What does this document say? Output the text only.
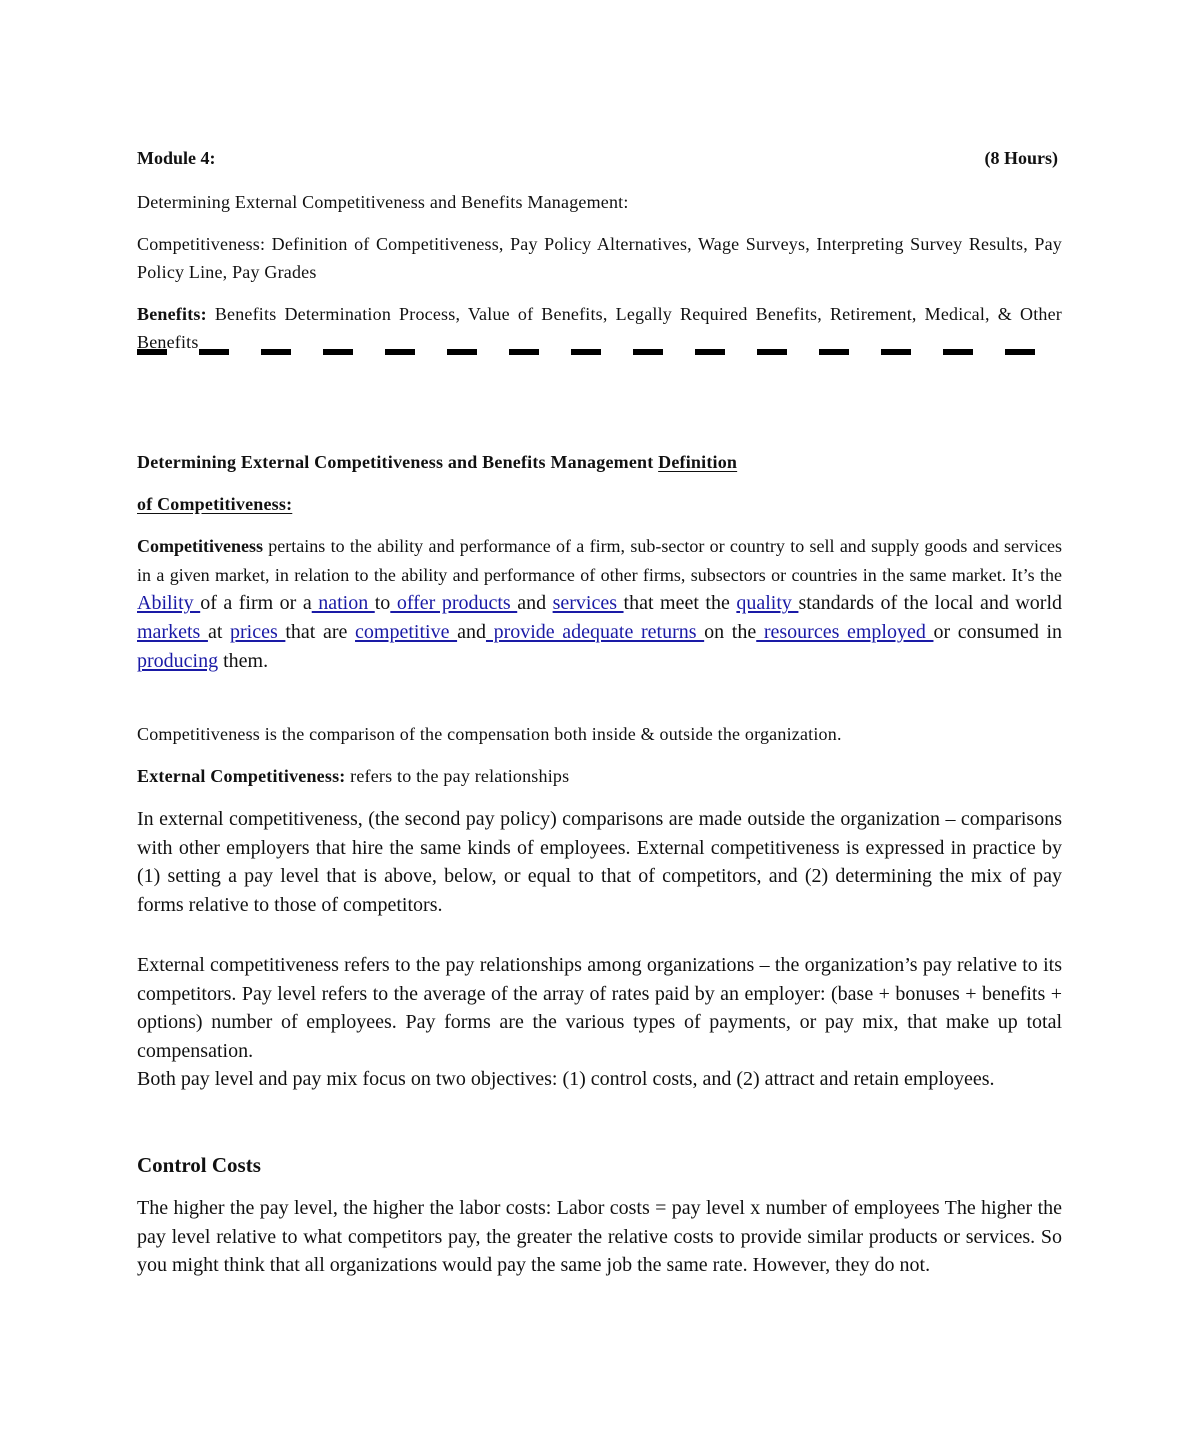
Module 4:	(8 Hours)

Determining External Competitiveness and Benefits Management:

Competitiveness: Definition of Competitiveness, Pay Policy Alternatives, Wage Surveys, Interpreting Survey Results, Pay Policy Line, Pay Grades

Benefits: Benefits Determination Process, Value of Benefits, Legally Required Benefits, Retirement, Medical, & Other Benefits

Determining External Competitiveness and Benefits Management Definition

of Competitiveness:

Competitiveness pertains to the ability and performance of a firm, sub-sector or country to sell and supply goods and services in a given market, in relation to the ability and performance of other firms, subsectors or countries in the same market. It’s the Ability of a firm or a nation to offer products and services that meet the quality standards of the local and world markets at prices that are competitive and provide adequate returns on the resources employed or consumed in producing them.

Competitiveness is the comparison of the compensation both inside & outside the organization.

External Competitiveness: refers to the pay relationships

In external competitiveness, (the second pay policy) comparisons are made outside the organization – comparisons with other employers that hire the same kinds of employees. External competitiveness is expressed in practice by (1) setting a pay level that is above, below, or equal to that of competitors, and (2) determining the mix of pay forms relative to those of competitors.

External competitiveness refers to the pay relationships among organizations – the organization’s pay relative to its competitors. Pay level refers to the average of the array of rates paid by an employer: (base + bonuses + benefits + options) number of employees. Pay forms are the various types of payments, or pay mix, that make up total compensation.

Both pay level and pay mix focus on two objectives: (1) control costs, and (2) attract and retain employees.

Control Costs

The higher the pay level, the higher the labor costs: Labor costs = pay level x number of employees The higher the pay level relative to what competitors pay, the greater the relative costs to provide similar products or services. So you might think that all organizations would pay the same job the same rate. However, they do not.
